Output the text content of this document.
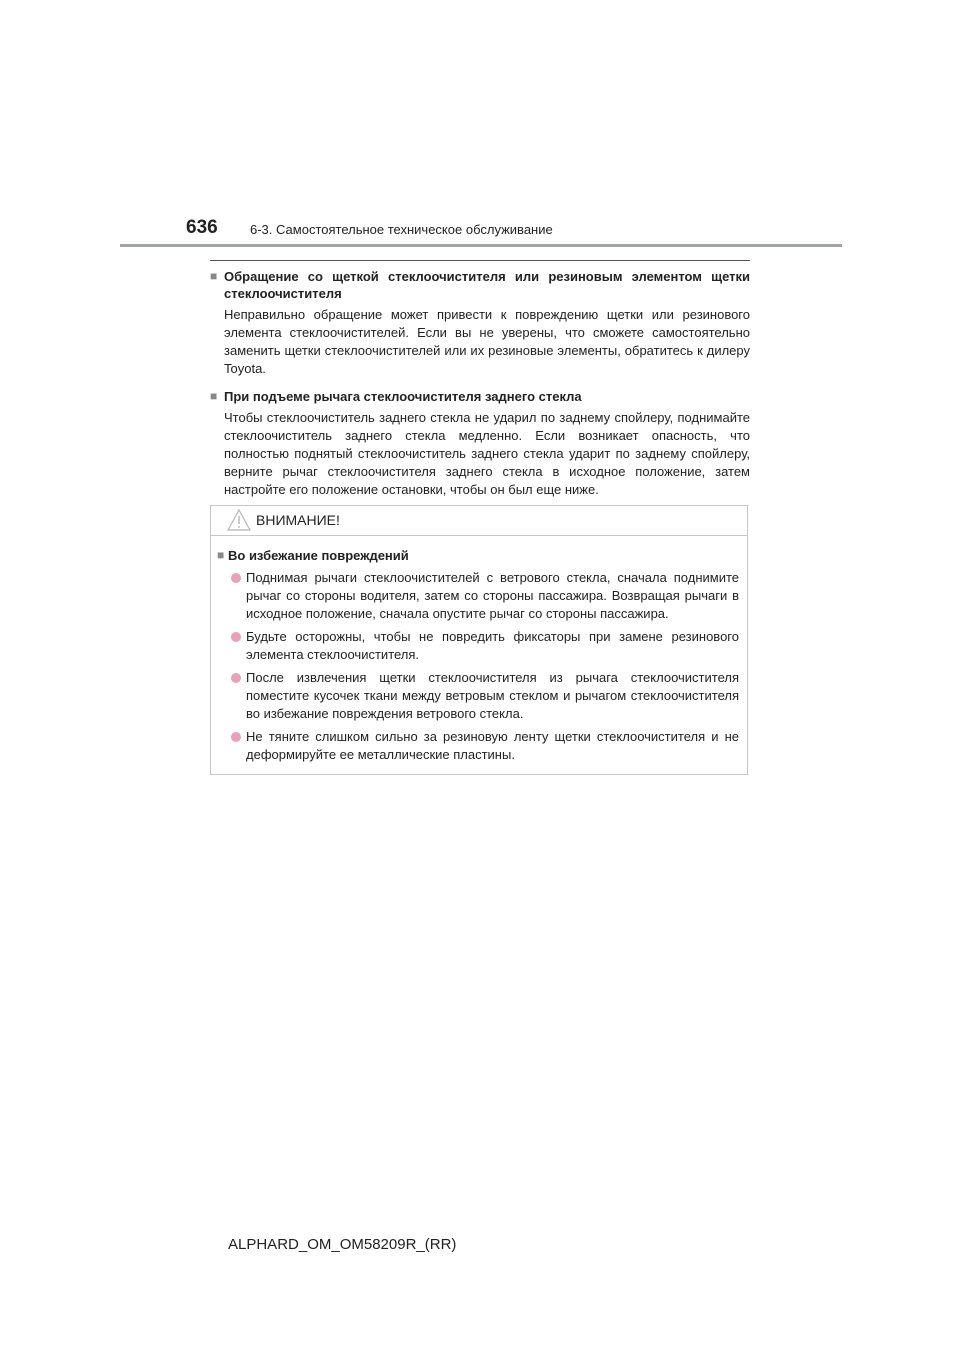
636 6-3. Самостоятельное техническое обслуживание
■ Обращение со щеткой стеклоочистителя или резиновым элементом щетки стеклоочистителя
Неправильно обращение может привести к повреждению щетки или резинового элемента стеклоочистителей. Если вы не уверены, что сможете самостоятельно заменить щетки стеклоочистителей или их резиновые элементы, обратитесь к дилеру Toyota.
■ При подъеме рычага стеклоочистителя заднего стекла
Чтобы стеклоочиститель заднего стекла не ударил по заднему спойлеру, поднимайте стеклоочиститель заднего стекла медленно. Если возникает опасность, что полностью поднятый стеклоочиститель заднего стекла ударит по заднему спойлеру, верните рычаг стеклоочистителя заднего стекла в исходное положение, затем настройте его положение остановки, чтобы он был еще ниже.
ВНИМАНИЕ!
■ Во избежание повреждений
Поднимая рычаги стеклоочистителей с ветрового стекла, сначала поднимите рычаг со стороны водителя, затем со стороны пассажира. Возвращая рычаги в исходное положение, сначала опустите рычаг со стороны пассажира.
Будьте осторожны, чтобы не повредить фиксаторы при замене резинового элемента стеклоочистителя.
После извлечения щетки стеклоочистителя из рычага стеклоочистителя поместите кусочек ткани между ветровым стеклом и рычагом стеклоочистителя во избежание повреждения ветрового стекла.
Не тяните слишком сильно за резиновую ленту щетки стеклоочистителя и не деформируйте ее металлические пластины.
ALPHARD_OM_OM58209R_(RR)
